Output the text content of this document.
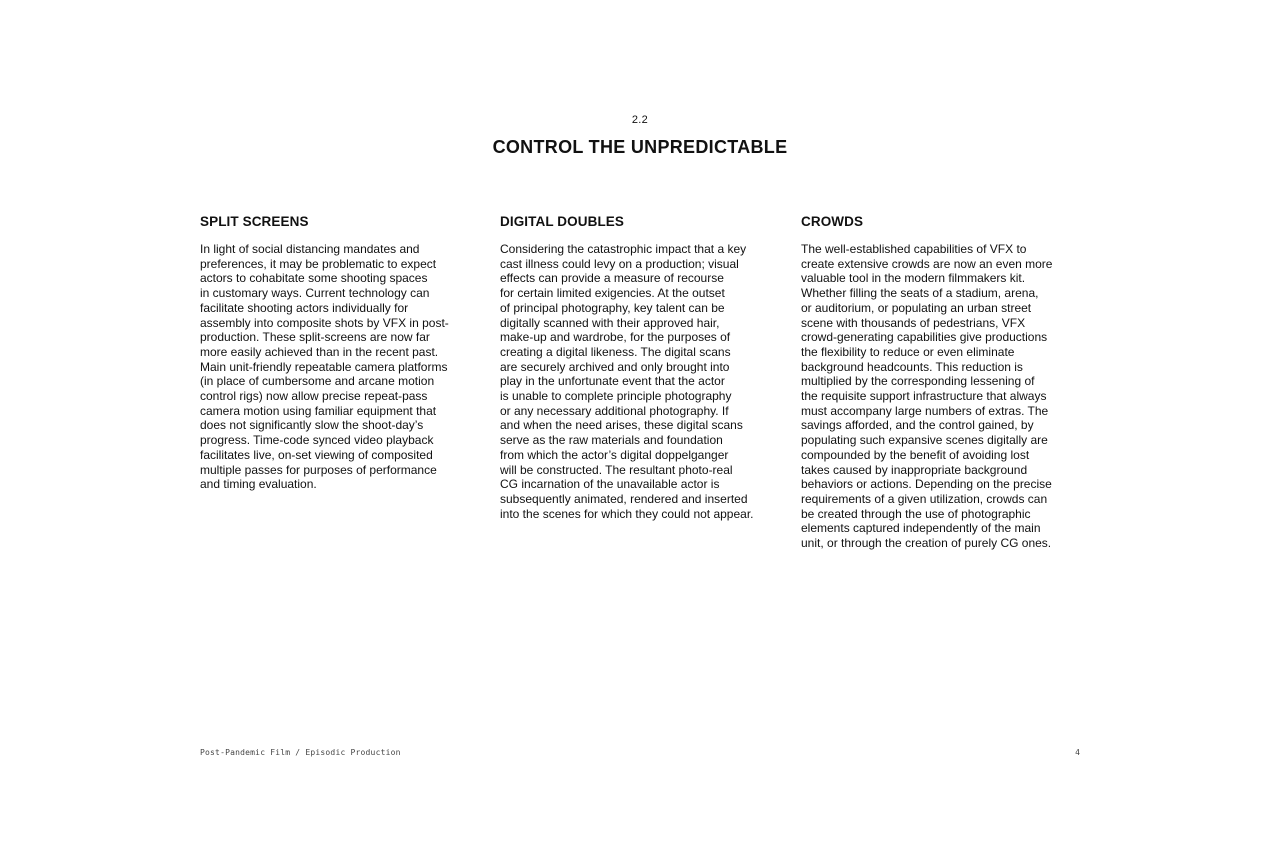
2.2
CONTROL THE UNPREDICTABLE
SPLIT SCREENS

In light of social distancing mandates and
preferences, it may be problematic to expect
actors to cohabitate some shooting spaces
in customary ways. Current technology can
facilitate shooting actors individually for
assembly into composite shots by VFX in post-
production. These split-screens are now far
more easily achieved than in the recent past.
Main unit-friendly repeatable camera platforms
(in place of cumbersome and arcane motion
control rigs) now allow precise repeat-pass
camera motion using familiar equipment that
does not significantly slow the shoot-day’s
progress. Time-code synced video playback
facilitates live, on-set viewing of composited
multiple passes for purposes of performance
and timing evaluation.

DIGITAL DOUBLES

Considering the catastrophic impact that a key
cast illness could levy on a production; visual
effects can provide a measure of recourse
for certain limited exigencies. At the outset
of principal photography, key talent can be
digitally scanned with their approved hair,
make-up and wardrobe, for the purposes of
creating a digital likeness. The digital scans
are securely archived and only brought into
play in the unfortunate event that the actor
is unable to complete principle photography
or any necessary additional photography. If
and when the need arises, these digital scans
serve as the raw materials and foundation
from which the actor’s digital doppelganger
will be constructed. The resultant photo-real
CG incarnation of the unavailable actor is
subsequently animated, rendered and inserted
into the scenes for which they could not appear.

CROWDS

The well-established capabilities of VFX to
create extensive crowds are now an even more
valuable tool in the modern filmmakers kit.
Whether filling the seats of a stadium, arena,
or auditorium, or populating an urban street
scene with thousands of pedestrians, VFX
crowd-generating capabilities give productions
the flexibility to reduce or even eliminate
background headcounts. This reduction is
multiplied by the corresponding lessening of
the requisite support infrastructure that always
must accompany large numbers of extras. The
savings afforded, and the control gained, by
populating such expansive scenes digitally are
compounded by the benefit of avoiding lost
takes caused by inappropriate background
behaviors or actions. Depending on the precise
requirements of a given utilization, crowds can
be created through the use of photographic
elements captured independently of the main
unit, or through the creation of purely CG ones.

Post-Pandemic Film / Episodic Production	4
